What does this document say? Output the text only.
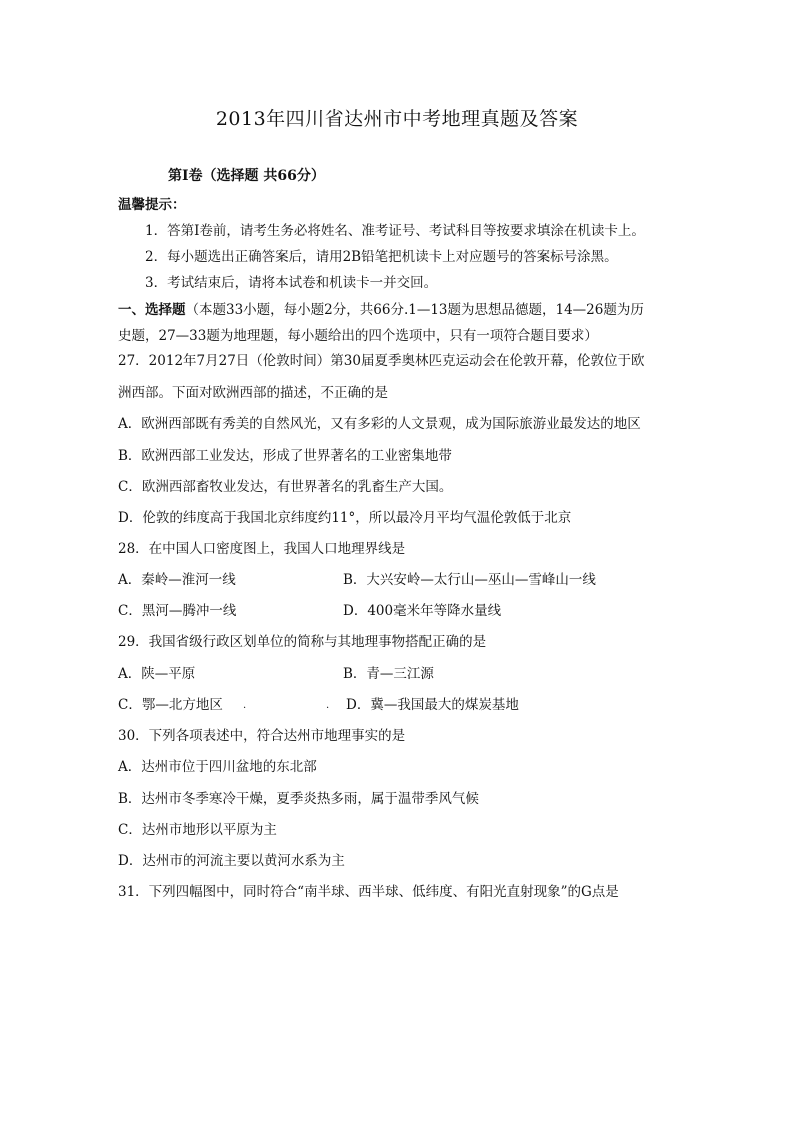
2013年四川省达州市中考地理真题及答案
第Ⅰ卷（选择题 共66分）
温馨提示：
1．答第Ⅰ卷前，请考生务必将姓名、准考证号、考试科目等按要求填涂在机读卡上。
2．每小题选出正确答案后，请用2B铅笔把机读卡上对应题号的答案标号涂黑。
3．考试结束后，请将本试卷和机读卡一并交回。
一、选择题（本题33小题，每小题2分，共66分.1—13题为思想品德题，14—26题为历
史题，27—33题为地理题，每小题给出的四个选项中，只有一项符合题目要求）
27．2012年7月27日（伦敦时间）第30届夏季奥林匹克运动会在伦敦开幕，伦敦位于欧
洲西部。下面对欧洲西部的描述，不正确的是
A．欧洲西部既有秀美的自然风光，又有多彩的人文景观，成为国际旅游业最发达的地区
B．欧洲西部工业发达，形成了世界著名的工业密集地带
C．欧洲西部畜牧业发达，有世界著名的乳畜生产大国。
D．伦敦的纬度高于我国北京纬度约11°，所以最冷月平均气温伦敦低于北京
28．在中国人口密度图上，我国人口地理界线是
A．秦岭—淮河一线	B．大兴安岭—太行山—巫山—雪峰山一线
C．黑河—腾冲一线	D．400毫米年等降水量线
29．我国省级行政区划单位的简称与其地理事物搭配正确的是
A．陕—平原	B．青—三江源
C．鄂—北方地区 .	. D．冀—我国最大的煤炭基地
30．下列各项表述中，符合达州市地理事实的是
A．达州市位于四川盆地的东北部
B．达州市冬季寒冷干燥，夏季炎热多雨，属于温带季风气候
C．达州市地形以平原为主
D．达州市的河流主要以黄河水系为主
31．下列四幅图中，同时符合“南半球、西半球、低纬度、有阳光直射现象”的G点是
